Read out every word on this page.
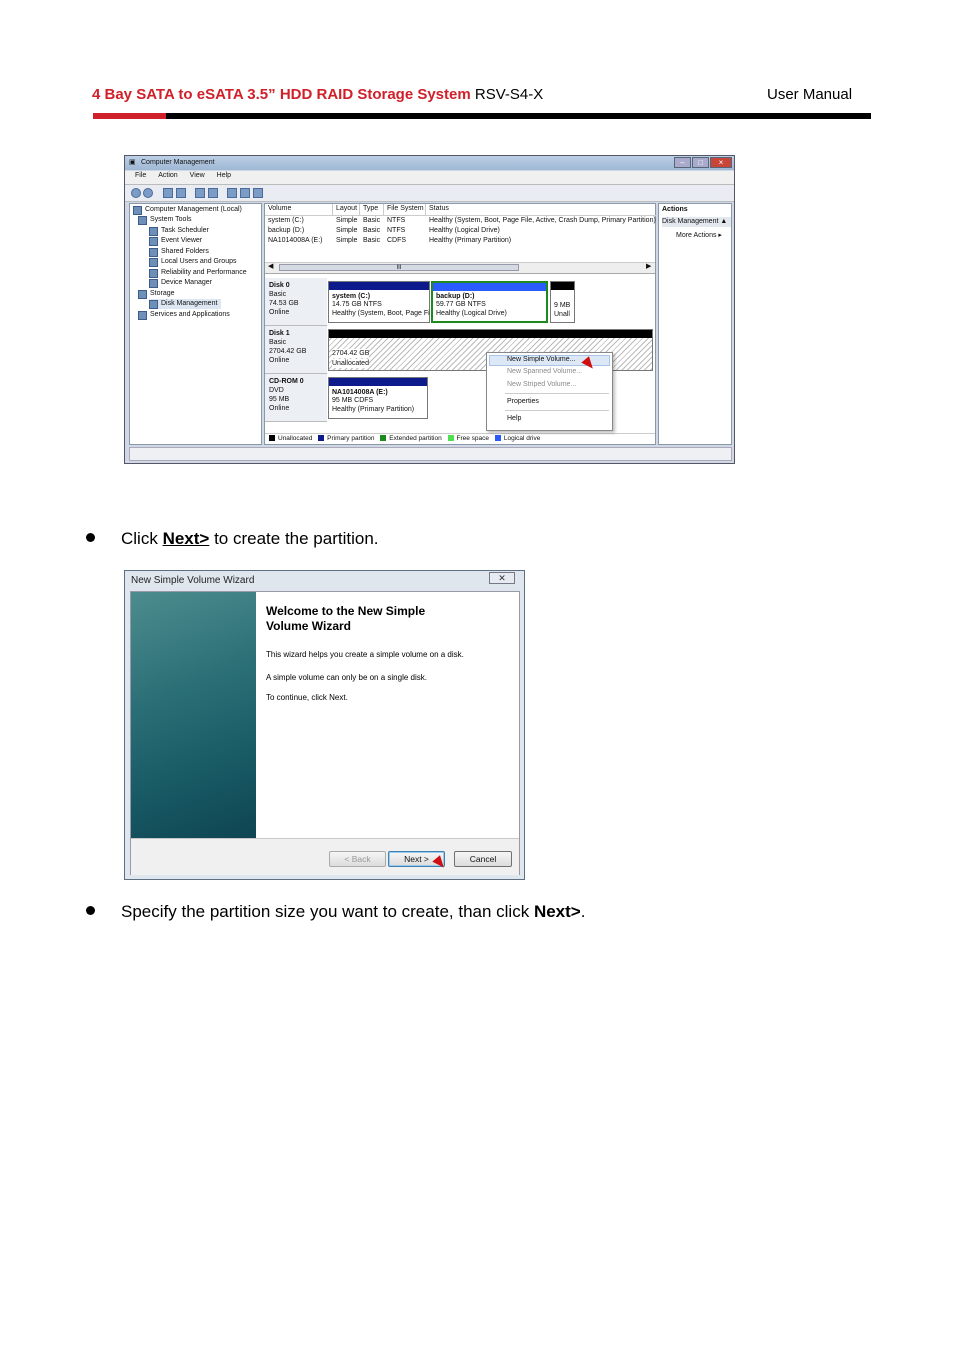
4 Bay SATA to eSATA 3.5” HDD RAID Storage System RSV-S4-X	User Manual
▣ Computer Management	–	□	×
File Action View Help
Computer Management (Local)
System Tools
Task Scheduler
Event Viewer
Shared Folders
Local Users and Groups
Reliability and Performance
Device Manager
Storage
Disk Management
Services and Applications
Volume	Layout Type	File System Status
system (C:)	Simple Basic NTFS	Healthy (System, Boot, Page File, Active, Crash Dump, Primary Partition)
backup (D:)	Simple Basic NTFS	Healthy (Logical Drive)
NA1014008A (E:) Simple Basic CDFS	Healthy (Primary Partition)
◀	III	▶
Disk 0
Basic
74.53 GB
Online
system (C:)
14.75 GB NTFS
Healthy (System, Boot, Page Fi
backup (D:)
59.77 GB NTFS
Healthy (Logical Drive)
9 MB
Unall
Disk 1
Basic
2704.42 GB
Online
2704.42 GB
Unallocated
CD-ROM 0
DVD
95 MB
Online
NA1014008A (E:)
95 MB CDFS
Healthy (Primary Partition)
Unallocated Primary partition Extended partition Free space Logical drive
Actions
Disk Management ▲
More Actions ▸
New Simple Volume...
New Spanned Volume...
New Striped Volume...
Properties
Help
Click Next> to create the partition.
New Simple Volume Wizard	✕
Welcome to the New Simple
Volume Wizard
This wizard helps you create a simple volume on a disk.
A simple volume can only be on a single disk.
To continue, click Next.
< Back	Next >	Cancel
Specify the partition size you want to create, than click Next>.
